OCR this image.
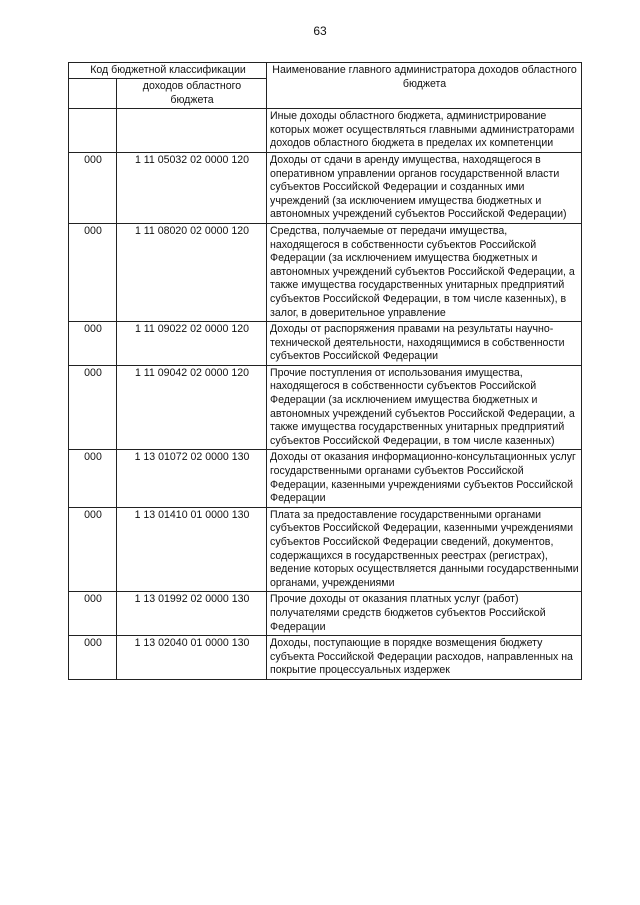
63
Код бюджетной классификации		Наименование главного администратора доходов областного бюджета
	доходов областного бюджета	
		Иные доходы областного бюджета, администрирование которых может осуществляться главными администраторами доходов областного бюджета в пределах их компетенции
000	1 11 05032 02 0000 120	Доходы от сдачи в аренду имущества, находящегося в оперативном управлении органов государственной власти субъектов Российской Федерации и созданных ими учреждений (за исключением имущества бюджетных и автономных учреждений субъектов Российской Федерации)
000	1 11 08020 02 0000 120	Средства, получаемые от передачи имущества, находящегося в собственности субъектов Российской Федерации (за исключением имущества бюджетных и автономных учреждений субъектов Российской Федерации, а также имущества государственных унитарных предприятий субъектов Российской Федерации, в том числе казенных), в залог, в доверительное управление
000	1 11 09022 02 0000 120	Доходы от распоряжения правами на результаты научно-технической деятельности, находящимися в собственности субъектов Российской Федерации
000	1 11 09042 02 0000 120	Прочие поступления от использования имущества, находящегося в собственности субъектов Российской Федерации (за исключением имущества бюджетных и автономных учреждений субъектов Российской Федерации, а также имущества государственных унитарных предприятий субъектов Российской Федерации, в том числе казенных)
000	1 13 01072 02 0000 130	Доходы от оказания информационно-консультационных услуг государственными органами субъектов Российской Федерации, казенными учреждениями субъектов Российской Федерации
000	1 13 01410 01 0000 130	Плата за предоставление государственными органами субъектов Российской Федерации, казенными учреждениями субъектов Российской Федерации сведений, документов, содержащихся в государственных реестрах (регистрах), ведение которых осуществляется данными государственными органами, учреждениями
000	1 13 01992 02 0000 130	Прочие доходы от оказания платных услуг (работ) получателями средств бюджетов субъектов Российской Федерации
000	1 13 02040 01 0000 130	Доходы, поступающие в порядке возмещения бюджету субъекта Российской Федерации расходов, направленных на покрытие процессуальных издержек
